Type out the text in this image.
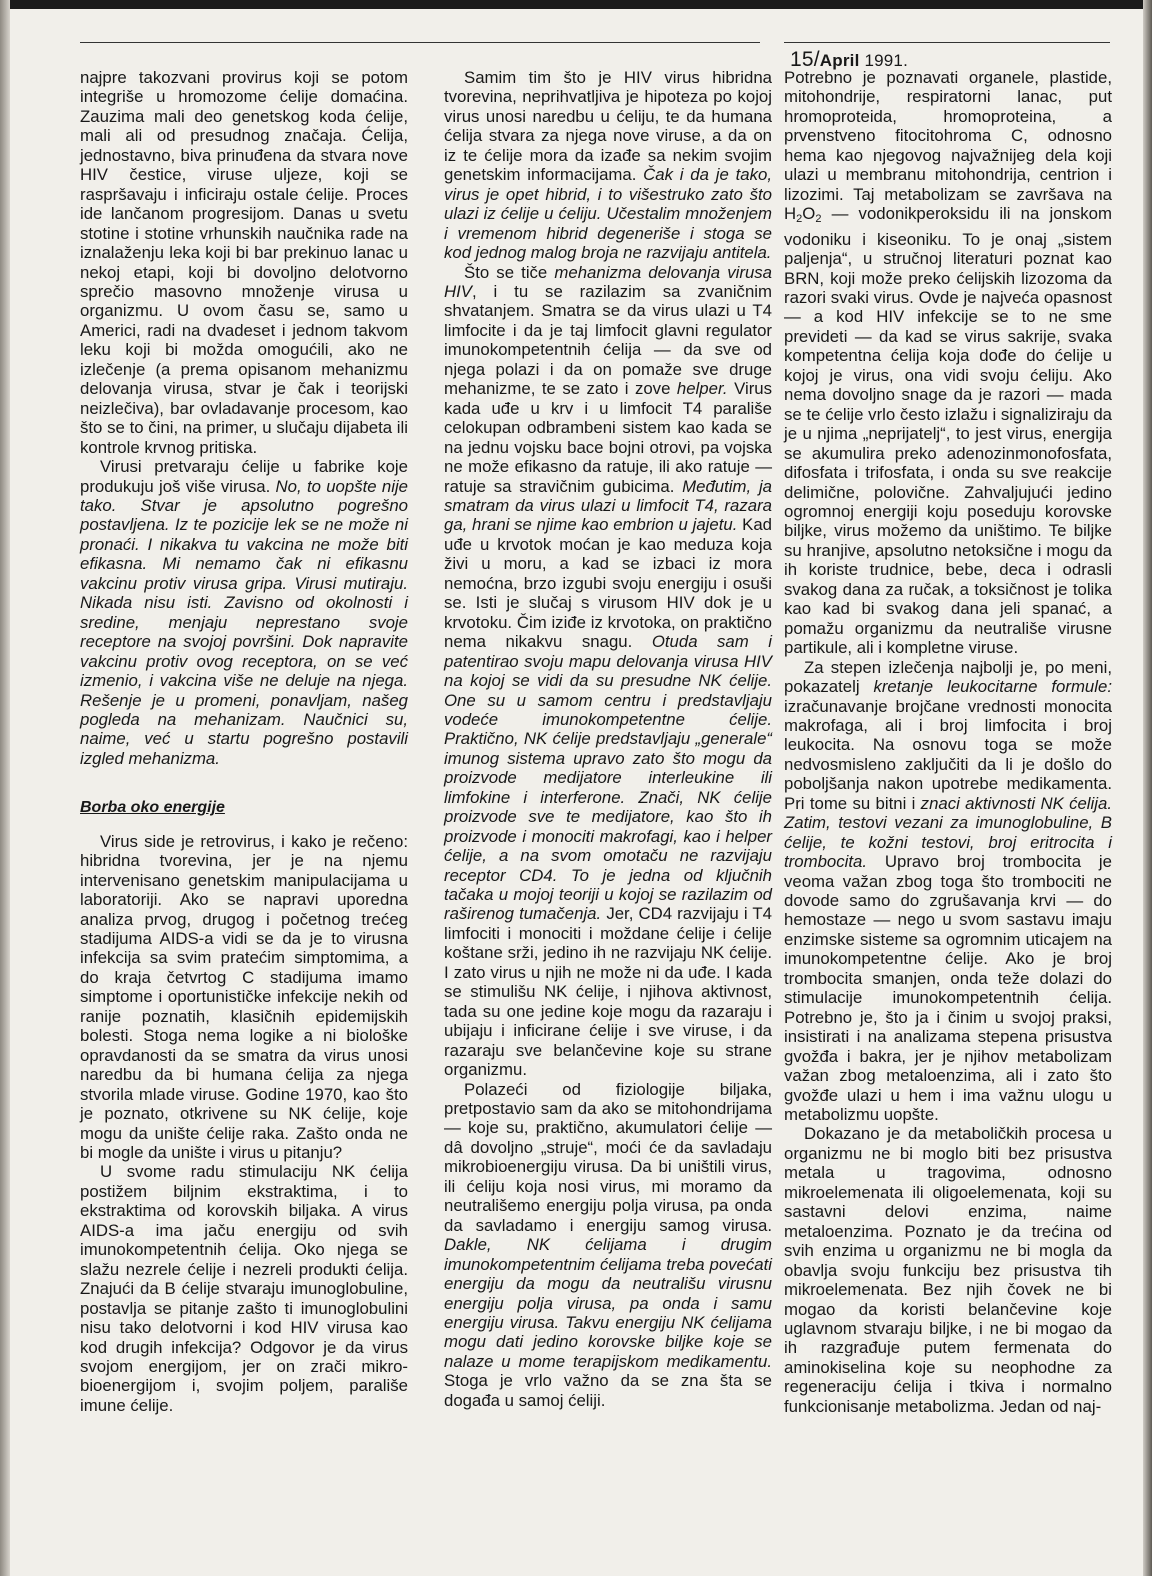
15/April 1991.

najpre takozvani provirus koji se potom integriše u hromozome ćelije domaćina. Zauzima mali deo genetskog koda ćelije, mali ali od presudnog značaja. Ćelija, jednostavno, biva prinuđena da stvara nove HIV čestice, viruse uljeze, koji se raspršavaju i inficiraju ostale ćelije. Proces ide lančanom progresijom. Danas u svetu stotine i stotine vrhunskih naučnika rade na iznalaženju leka koji bi bar prekinuo lanac u nekoj etapi, koji bi dovoljno delotvorno sprečio masovno množenje virusa u organizmu. U ovom času se, samo u Americi, radi na dvadeset i jednom takvom leku koji bi možda omogućili, ako ne izlečenje (a prema opisanom mehanizmu delovanja virusa, stvar je čak i teorijski neizlečiva), bar ovladavanje procesom, kao što se to čini, na primer, u slučaju dijabeta ili kontrole krvnog pritiska.

Virusi pretvaraju ćelije u fabrike koje produkuju još više virusa. No, to uopšte nije tako. Stvar je apsolutno pogrešno postavljena. Iz te pozicije lek se ne može ni pronaći. I nikakva tu vakcina ne može biti efikasna. Mi nemamo čak ni efikasnu vakcinu protiv virusa gripa. Virusi mutiraju. Nikada nisu isti. Zavisno od okolnosti i sredine, menjaju neprestano svoje receptore na svojoj površini. Dok napravite vakcinu protiv ovog receptora, on se već izmenio, i vakcina više ne deluje na njega. Rešenje je u promeni, ponavljam, našeg pogleda na mehanizam. Naučnici su, naime, već u startu pogrešno postavili izgled mehanizma.

Borba oko energije

Virus side je retrovirus, i kako je rečeno: hibridna tvorevina, jer je na njemu intervenisano genetskim manipulacijama u laboratoriji. Ako se napravi uporedna analiza prvog, drugog i početnog trećeg stadijuma AIDS-a vidi se da je to virusna infekcija sa svim pratećim simptomima, a do kraja četvrtog C stadijuma imamo simptome i oportunističke infekcije nekih od ranije poznatih, klasičnih epidemijskih bolesti. Stoga nema logike a ni biološke opravdanosti da se smatra da virus unosi naredbu da bi humana ćelija za njega stvorila mlade viruse. Godine 1970, kao što je poznato, otkrivene su NK ćelije, koje mogu da unište ćelije raka. Zašto onda ne bi mogle da unište i virus u pitanju?

U svome radu stimulaciju NK ćelija postižem biljnim ekstraktima, i to ekstraktima od korovskih biljaka. A virus AIDS-a ima jaču energiju od svih imunokompetentnih ćelija. Oko njega se slažu nezrele ćelije i nezreli produkti ćelija. Znajući da B ćelije stvaraju imunoglobuline, postavlja se pitanje zašto ti imunoglobulini nisu tako delotvorni i kod HIV virusa kao kod drugih infekcija? Odgovor je da virus svojom energijom, jer on zrači mikro-bioenergijom i, svojim poljem, parališe imune ćelije.

Samim tim što je HIV virus hibridna tvorevina, neprihvatljiva je hipoteza po kojoj virus unosi naredbu u ćeliju, te da humana ćelija stvara za njega nove viruse, a da on iz te ćelije mora da izađe sa nekim svojim genetskim informacijama. Čak i da je tako, virus je opet hibrid, i to višestruko zato što ulazi iz ćelije u ćeliju. Učestalim množenjem i vremenom hibrid degeneriše i stoga se kod jednog malog broja ne razvijaju antitela.

Što se tiče mehanizma delovanja virusa HIV, i tu se razilazim sa zvaničnim shvatanjem. Smatra se da virus ulazi u T4 limfocite i da je taj limfocit glavni regulator imunokompetentnih ćelija — da sve od njega polazi i da on pomaže sve druge mehanizme, te se zato i zove helper. Virus kada uđe u krv i u limfocit T4 parališe celokupan odbrambeni sistem kao kada se na jednu vojsku bace bojni otrovi, pa vojska ne može efikasno da ratuje, ili ako ratuje — ratuje sa stravičnim gubicima. Međutim, ja smatram da virus ulazi u limfocit T4, razara ga, hrani se njime kao embrion u jajetu. Kad uđe u krvotok moćan je kao meduza koja živi u moru, a kad se izbaci iz mora nemoćna, brzo izgubi svoju energiju i osuši se. Isti je slučaj s virusom HIV dok je u krvotoku. Čim iziđe iz krvotoka, on praktično nema nikakvu snagu. Otuda sam i patentirao svoju mapu delovanja virusa HIV na kojoj se vidi da su presudne NK ćelije. One su u samom centru i predstavljaju vodeće imunokompetentne ćelije. Praktično, NK ćelije predstavljaju „generale“ imunog sistema upravo zato što mogu da proizvode medijatore interleukine ili limfokine i interferone. Znači, NK ćelije proizvode sve te medijatore, kao što ih proizvode i monociti makrofagi, kao i helper ćelije, a na svom omotaču ne razvijaju receptor CD4. To je jedna od ključnih tačaka u mojoj teoriji u kojoj se razilazim od raširenog tumačenja. Jer, CD4 razvijaju i T4 limfociti i monociti i moždane ćelije i ćelije koštane srži, jedino ih ne razvijaju NK ćelije. I zato virus u njih ne može ni da uđe. I kada se stimulišu NK ćelije, i njihova aktivnost, tada su one jedine koje mogu da razaraju i ubijaju i inficirane ćelije i sve viruse, i da razaraju sve belančevine koje su strane organizmu.

Polazeći od fiziologije biljaka, pretpostavio sam da ako se mitohondrijama — koje su, praktično, akumulatori ćelije — dâ dovoljno „struje“, moći će da savladaju mikrobioenergiju virusa. Da bi uništili virus, ili ćeliju koja nosi virus, mi moramo da neutrališemo energiju polja virusa, pa onda da savladamo i energiju samog virusa. Dakle, NK ćelijama i drugim imunokompetentnim ćelijama treba povećati energiju da mogu da neutrališu virusnu energiju polja virusa, pa onda i samu energiju virusa. Takvu energiju NK ćelijama mogu dati jedino korovske biljke koje se nalaze u mome terapijskom medikamentu. Stoga je vrlo važno da se zna šta se događa u samoj ćeliji.

Potrebno je poznavati organele, plastide, mitohondrije, respiratorni lanac, put hromoproteida, hromoproteina, a prvenstveno fitocitohroma C, odnosno hema kao njegovog najvažnijeg dela koji ulazi u membranu mitohondrija, centrion i lizozimi. Taj metabolizam se završava na $H_2O_2$ — vodonikperoksidu ili na jonskom vodoniku i kiseoniku. To je onaj „sistem paljenja“, u stručnoj literaturi poznat kao BRN, koji može preko ćelijskih lizozoma da razori svaki virus. Ovde je najveća opasnost — a kod HIV infekcije se to ne sme prevideti — da kad se virus sakrije, svaka kompetentna ćelija koja dođe do ćelije u kojoj je virus, ona vidi svoju ćeliju. Ako nema dovoljno snage da je razori — mada se te ćelije vrlo često izlažu i signaliziraju da je u njima „neprijatelj“, to jest virus, energija se akumulira preko adenozinmonofosfata, difosfata i trifosfata, i onda su sve reakcije delimične, polovične. Zahvaljujući jedino ogromnoj energiji koju poseduju korovske biljke, virus možemo da uništimo. Te biljke su hranjive, apsolutno netoksične i mogu da ih koriste trudnice, bebe, deca i odrasli svakog dana za ručak, a toksičnost je tolika kao kad bi svakog dana jeli spanać, a pomažu organizmu da neutrališe virusne partikule, ali i kompletne viruse.

Za stepen izlečenja najbolji je, po meni, pokazatelj kretanje leukocitarne formule: izračunavanje brojčane vrednosti monocita makrofaga, ali i broj limfocita i broj leukocita. Na osnovu toga se može nedvosmisleno zaključiti da li je došlo do poboljšanja nakon upotrebe medikamenta. Pri tome su bitni i znaci aktivnosti NK ćelija. Zatim, testovi vezani za imunoglobuline, B ćelije, te kožni testovi, broj eritrocita i trombocita. Upravo broj trombocita je veoma važan zbog toga što trombociti ne dovode samo do zgrušavanja krvi — do hemostaze — nego u svom sastavu imaju enzimske sisteme sa ogromnim uticajem na imunokompetentne ćelije. Ako je broj trombocita smanjen, onda teže dolazi do stimulacije imunokompetentnih ćelija. Potrebno je, što ja i činim u svojoj praksi, insistirati i na analizama stepena prisustva gvožđa i bakra, jer je njihov metabolizam važan zbog metaloenzima, ali i zato što gvožđe ulazi u hem i ima važnu ulogu u metabolizmu uopšte.

Dokazano je da metaboličkih procesa u organizmu ne bi moglo biti bez prisustva metala u tragovima, odnosno mikroelemenata ili oligoelemenata, koji su sastavni delovi enzima, naime metaloenzima. Poznato je da trećina od svih enzima u organizmu ne bi mogla da obavlja svoju funkciju bez prisustva tih mikroelemenata. Bez njih čovek ne bi mogao da koristi belančevine koje uglavnom stvaraju biljke, i ne bi mogao da ih razgrađuje putem fermenata do aminokiselina koje su neophodne za regeneraciju ćelija i tkiva i normalno funkcionisanje metabolizma. Jedan od naj-
